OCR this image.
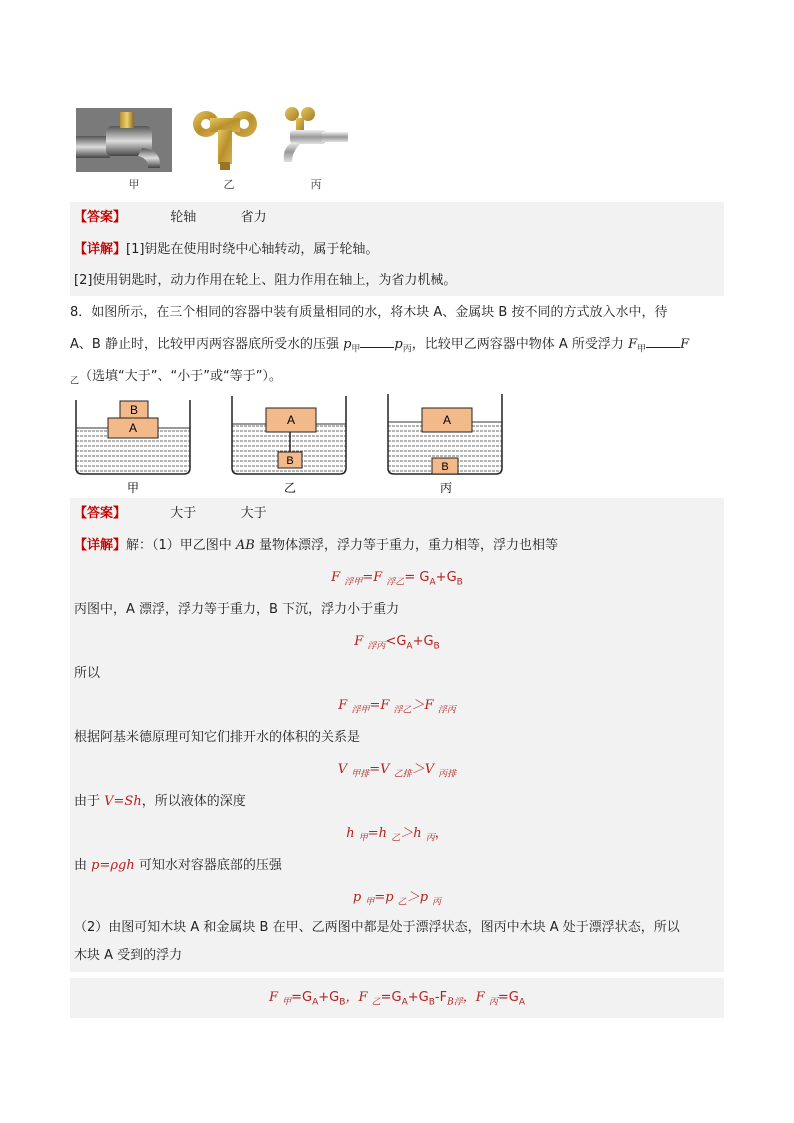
甲	乙	丙
【答案】	轮轴	省力
【详解】[1]钥匙在使用时绕中心轴转动，属于轮轴。
[2]使用钥匙时，动力作用在轮上、阻力作用在轴上，为省力机械。
8．如图所示，在三个相同的容器中装有质量相同的水，将木块 A、金属块 B 按不同的方式放入水中，待
A、B 静止时，比较甲丙两容器底所受水的压强 $p_甲$	$p_丙$，比较甲乙两容器中物体 A 所受浮力 $F_甲$	F
$_乙$（选填“大于”、“小于”或“等于”）。
A
B
甲
A
B
乙
A
B
丙
【答案】	大于	大于
【详解】解：（1）甲乙图中 AB 量物体漂浮，浮力等于重力，重力相等，浮力也相等
F $_{浮甲}$=F $_{浮乙}= G_A+G_B$
丙图中，A 漂浮，浮力等于重力，B 下沉，浮力小于重力
F $_{浮丙}<G_A+G_B$
所以
F $_{浮甲}$=F $_{浮乙}$＞F $_{浮丙}$
根据阿基米德原理可知它们排开水的体积的关系是
V $_{甲排}$=V $_{乙排}$＞V $_{丙排}$
由于 V=Sh，所以液体的深度
h $_甲$=h $_乙$＞h $_丙$，
由 p=ρgh 可知水对容器底部的压强
p $_甲$=p $_乙$＞p $_丙$
（2）由图可知木块 A 和金属块 B 在甲、乙两图中都是处于漂浮状态，图丙中木块 A 处于漂浮状态，所以
木块 A 受到的浮力
F $_甲=G_A+G_B$，F $_乙=G_A+G_B-F_{B浮}$，F $_丙=G_A$
